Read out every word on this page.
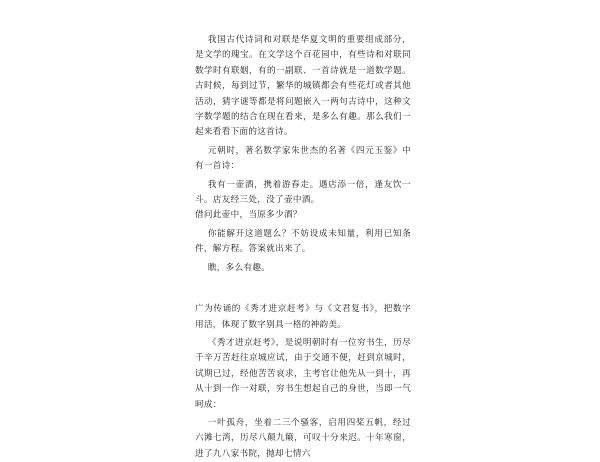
我国古代诗词和对联是华夏文明的重要组成部分，是文学的瑰宝。在文学这个百花园中，有些诗和对联同数学时有联姻，有的一副联、一首诗就是一道数学题。古时候，每到过节，繁华的城镇都会有些花灯或者其他活动，猜字谜等都是将问题嵌入一两句古诗中，这种文字数学题的结合在现在看来，是多么有趣。那么我们一起来看看下面的这首诗。

元朝时，著名数学家朱世杰的名著《四元玉鉴》中有一首诗：

我有一壶酒，携着游春走。遇店添一倍，逢友饮一斗。店友经三处，没了壶中酒。

借问此壶中，当原多少酒？

你能解开这道题么？不妨设成未知量，利用已知条件，解方程。答案就出来了。

瞧，多么有趣。

广为传诵的《秀才进京赶考》与《文君复书》，把数字用活，体现了数字别具一格的神韵美。

《秀才进京赶考》，是说明朝时有一位穷书生，历尽千辛万苦赶往京城应试，由于交通不便，赶到京城时，试期已过，经他苦苦哀求，主考官让他先从一到十，再从十到一作一对联，穷书生想起自己的身世，当即一气呵成：

一叶孤舟，坐着二三个骚客，启用四桨五帆，经过六滩七湾，历尽八颠九簸，可叹十分来迟。十年寒窗，进了九八家书院，抛却七情六
